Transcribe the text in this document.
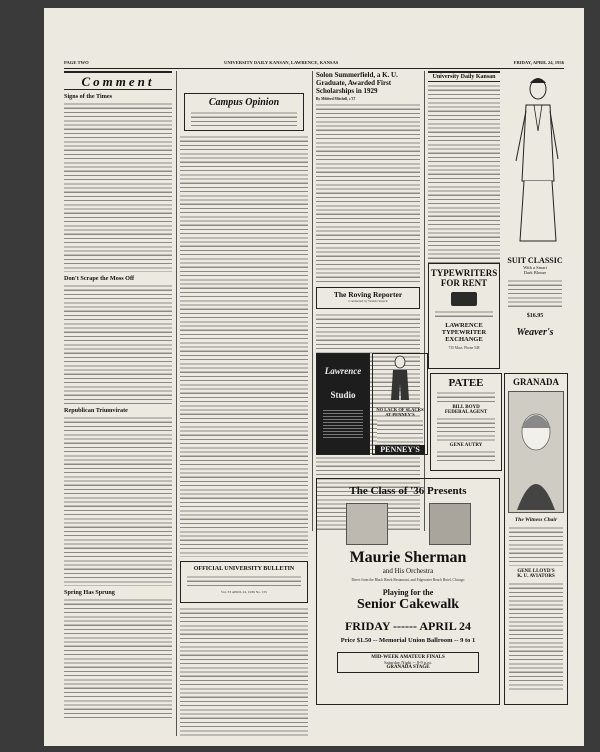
PAGE TWO	UNIVERSITY DAILY KANSAN, LAWRENCE, KANSAS	FRIDAY, APRIL 24, 1936
Comment
Signs of the Times
Don't Scrape the Moss Off
Republican Triumvirate
Spring Has Sprung
Campus Opinion
OFFICIAL UNIVERSITY BULLETIN
Vol. 33 APRIL 24, 1936 No. 155
Solon Summerfield, a K. U. Graduate, Awarded First Scholarships in 1929
By Mildred Mitchell, c'37
The Roving Reporter
Conducted by Wanda Stueck
University Daily Kansan
TYPEWRITERS
FOR RENT
LAWRENCE
TYPEWRITER
EXCHANGE
735 Mass. Phone 548
SUIT CLASSIC
With a Smart
Dark Blouse
$16.95
Weaver's
Lawrence
Studio
NO LACK OF SLACKS
AT PENNEY'S
PENNEY'S
PATEE
BILL BOYD
FEDERAL AGENT
GENE AUTRY
GRANADA
The Witness Chair
GENE LLOYD'S
K. U. AVIATORS
The Class of '36 Presents
Maurie Sherman
and His Orchestra
Direct from the Black Hawk Restaurant, and Edgewater Beach Hotel, Chicago
Playing for the
Senior Cakewalk
FRIDAY ------ APRIL 24
Price $1.50 -- Memorial Union Ballroom -- 9 to 1
MID-WEEK AMATEUR FINALS
Saturday Night -- 8-9 p.m.
GRANADA STAGE
